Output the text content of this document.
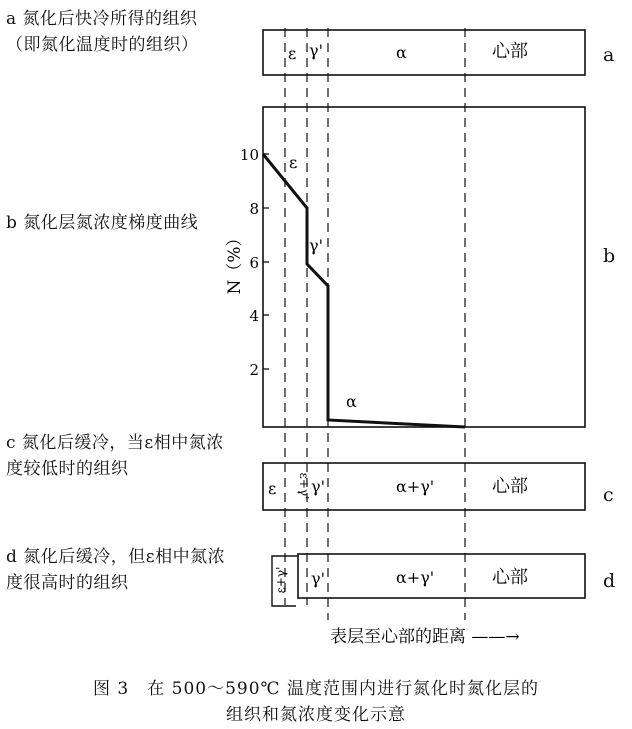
a 氮化后快冷所得的组织（即氮化温度时的组织）
b 氮化层氮浓度梯度曲线
c 氮化后缓冷，当ε相中氮浓度较低时的组织
d 氮化后缓冷，但ε相中氮浓度很高时的组织
a
b
c
d
ε γ'	α	心部
10
8
6
4
2
N（%）
ε
γ'
α
ε ε+γ' γ'	α+γ'	心部
ε+γ' γ'	α+γ'	心部
表层至心部的距离 ——→
图 3　在 500～590℃ 温度范围内进行氮化时氮化层的
组织和氮浓度变化示意
